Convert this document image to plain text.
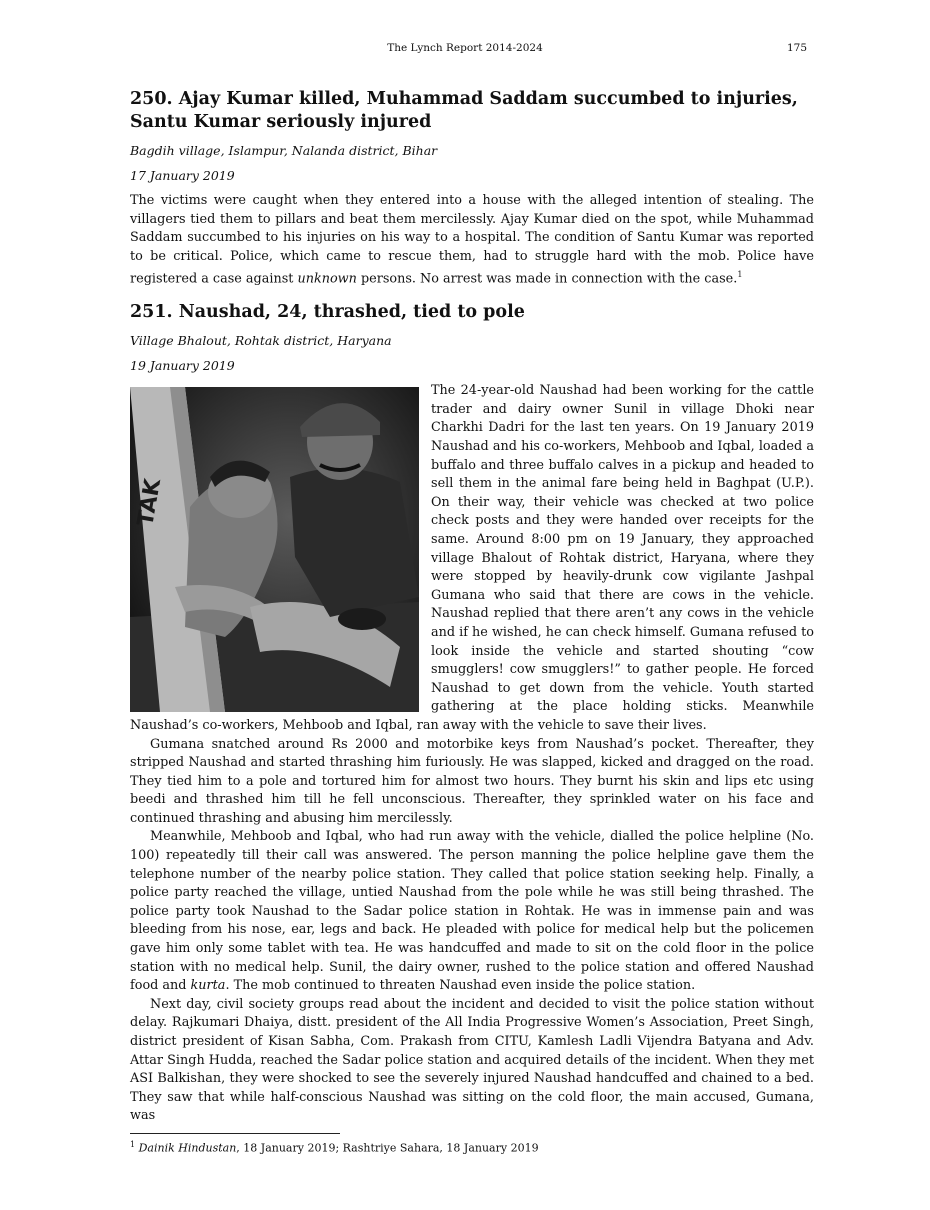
The Lynch Report 2014-2024	175
250. Ajay Kumar killed, Muhammad Saddam succumbed to injuries, Santu Kumar seriously injured
Bagdih village, Islampur, Nalanda district, Bihar
17 January 2019

The victims were caught when they entered into a house with the alleged intention of stealing. The villagers tied them to pillars and beat them mercilessly. Ajay Kumar died on the spot, while Muhammad Saddam succumbed to his injuries on his way to a hospital. The condition of Santu Kumar was reported to be critical. Police, which came to rescue them, had to struggle hard with the mob. Police have registered a case against unknown persons. No arrest was made in connection with the case.$^1$

251. Naushad, 24, thrashed, tied to pole
Village Bhalout, Rohtak district, Haryana
19 January 2019
TAK

The 24-year-old Naushad had been working for the cattle trader and dairy owner Sunil in village Dhoki near Charkhi Dadri for the last ten years. On 19 January 2019 Naushad and his co-workers, Mehboob and Iqbal, loaded a buffalo and three buffalo calves in a pickup and headed to sell them in the animal fare being held in Baghpat (U.P.). On their way, their vehicle was checked at two police check posts and they were handed over receipts for the same. Around 8:00 pm on 19 January, they approached village Bhalout of Rohtak district, Haryana, where they were stopped by heavily-drunk cow vigilante Jashpal Gumana who said that there are cows in the vehicle. Naushad replied that there aren’t any cows in the vehicle and if he wished, he can check himself. Gumana refused to look inside the vehicle and started shouting “cow smugglers! cow smugglers!” to gather people. He forced Naushad to get down from the vehicle. Youth started gathering at the place holding sticks. Meanwhile Naushad’s co-workers, Mehboob and Iqbal, ran away with the vehicle to save their lives.

Gumana snatched around Rs 2000 and motorbike keys from Naushad’s pocket. Thereafter, they stripped Naushad and started thrashing him furiously. He was slapped, kicked and dragged on the road. They tied him to a pole and tortured him for almost two hours. They burnt his skin and lips etc using beedi and thrashed him till he fell unconscious. Thereafter, they sprinkled water on his face and continued thrashing and abusing him mercilessly.

Meanwhile, Mehboob and Iqbal, who had run away with the vehicle, dialled the police helpline (No. 100) repeatedly till their call was answered. The person manning the police helpline gave them the telephone number of the nearby police station. They called that police station seeking help. Finally, a police party reached the village, untied Naushad from the pole while he was still being thrashed. The police party took Naushad to the Sadar police station in Rohtak. He was in immense pain and was bleeding from his nose, ear, legs and back. He pleaded with police for medical help but the policemen gave him only some tablet with tea. He was handcuffed and made to sit on the cold floor in the police station with no medical help. Sunil, the dairy owner, rushed to the police station and offered Naushad food and kurta. The mob continued to threaten Naushad even inside the police station.

Next day, civil society groups read about the incident and decided to visit the police station without delay. Rajkumari Dhaiya, distt. president of the All India Progressive Women’s Association, Preet Singh, district president of Kisan Sabha, Com. Prakash from CITU, Kamlesh Ladli Vijendra Batyana and Adv. Attar Singh Hudda, reached the Sadar police station and acquired details of the incident. When they met ASI Balkishan, they were shocked to see the severely injured Naushad handcuffed and chained to a bed. They saw that while half-conscious Naushad was sitting on the cold floor, the main accused, Gumana, was

$^1$ Dainik Hindustan, 18 January 2019; Rashtriye Sahara, 18 January 2019
